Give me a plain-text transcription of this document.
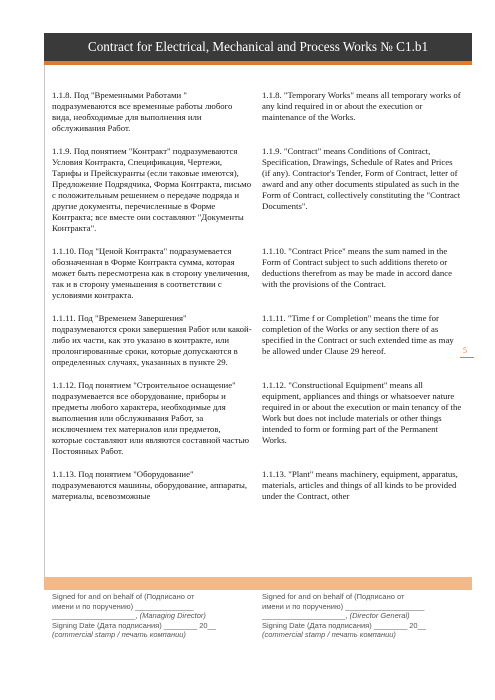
Contract for Electrical, Mechanical and Process Works № C1.b1
1.1.8. Под "Временными Работами " подразумеваются все временные работы любого вида, необходимые для выполнения или обслуживания Работ.
1.1.8. "Temporary Works" means all temporary works of any kind required in or about the execution or maintenance of the Works.
1.1.9. Под понятием "Контракт" подразумеваются Условия Контракта, Спецификация, Чертежи, Тарифы и Прейскуранты (если таковые имеются), Предложение Подрядчика, Форма Контракта, письмо с положительным решением о передаче подряда и другие документы, перечисленные в Форме Контракта; все вместе они составляют "Документы Контракта".
1.1.9. "Contract" means Conditions of Contract, Specification, Drawings, Schedule of Rates and Prices (if any). Contractor's Tender, Form of Contract, letter of award and any other documents stipulated as such in the Form of Contract, collectively constituting the "Contract Documents".
1.1.10. Под "Ценой Контракта" подразумевается обозначенная в Форме Контракта сумма, которая может быть пересмотрена как в сторону увеличения, так и в сторону уменьшения в соответствии с условиями контракта.
1.1.10. "Contract Price" means the sum named in the Form of Contract subject to such additions thereto or deductions therefrom as may be made in accord dance with the provisions of the Contract.
1.1.11. Под "Временем Завершения" подразумеваются сроки завершения Работ или какой-либо их части, как это указано в контракте, или пролонгированные сроки, которые допускаются в определенных случаях, указанных в пункте 29.
1.1.11. "Time f or Completion" means the time for completion of the Works or any section there of as specified in the Contract or such extended time as may be allowed under Clause 29 hereof.
1.1.12. Под понятием "Строительное оснащение" подразумевается все оборудование, приборы и предметы любого характера, необходимые для выполнения или обслуживания Работ, за исключением тех материалов или предметов, которые составляют или являются составной частью Постоянных Работ.
1.1.12. "Constructional Equipment" means all equipment, appliances and things or whatsoever nature required in or about the execution or main tenancy of the Work but does not include materials or other things intended to form or forming part of the Permanent Works.
1.1.13. Под понятием "Оборудование" подразумеваются машины, оборудование, аппараты, материалы, всевозможные
1.1.13. "Plant" means machinery, equipment, apparatus, materials, articles and things of all kinds to be provided under the Contract, other
5
Signed for and on behalf of (Подписано от
имени и по поручению) ______________
____________________, (Managing Director)
Signing Date (Дата подписания) ________ 20__
(commercial stamp / печать компании)
Signed for and on behalf of (Подписано от
имени и по поручению) ___________________
____________________, (Director General)
Signing Date (Дата подписания) ________ 20__
(commercial stamp / печать компании)
